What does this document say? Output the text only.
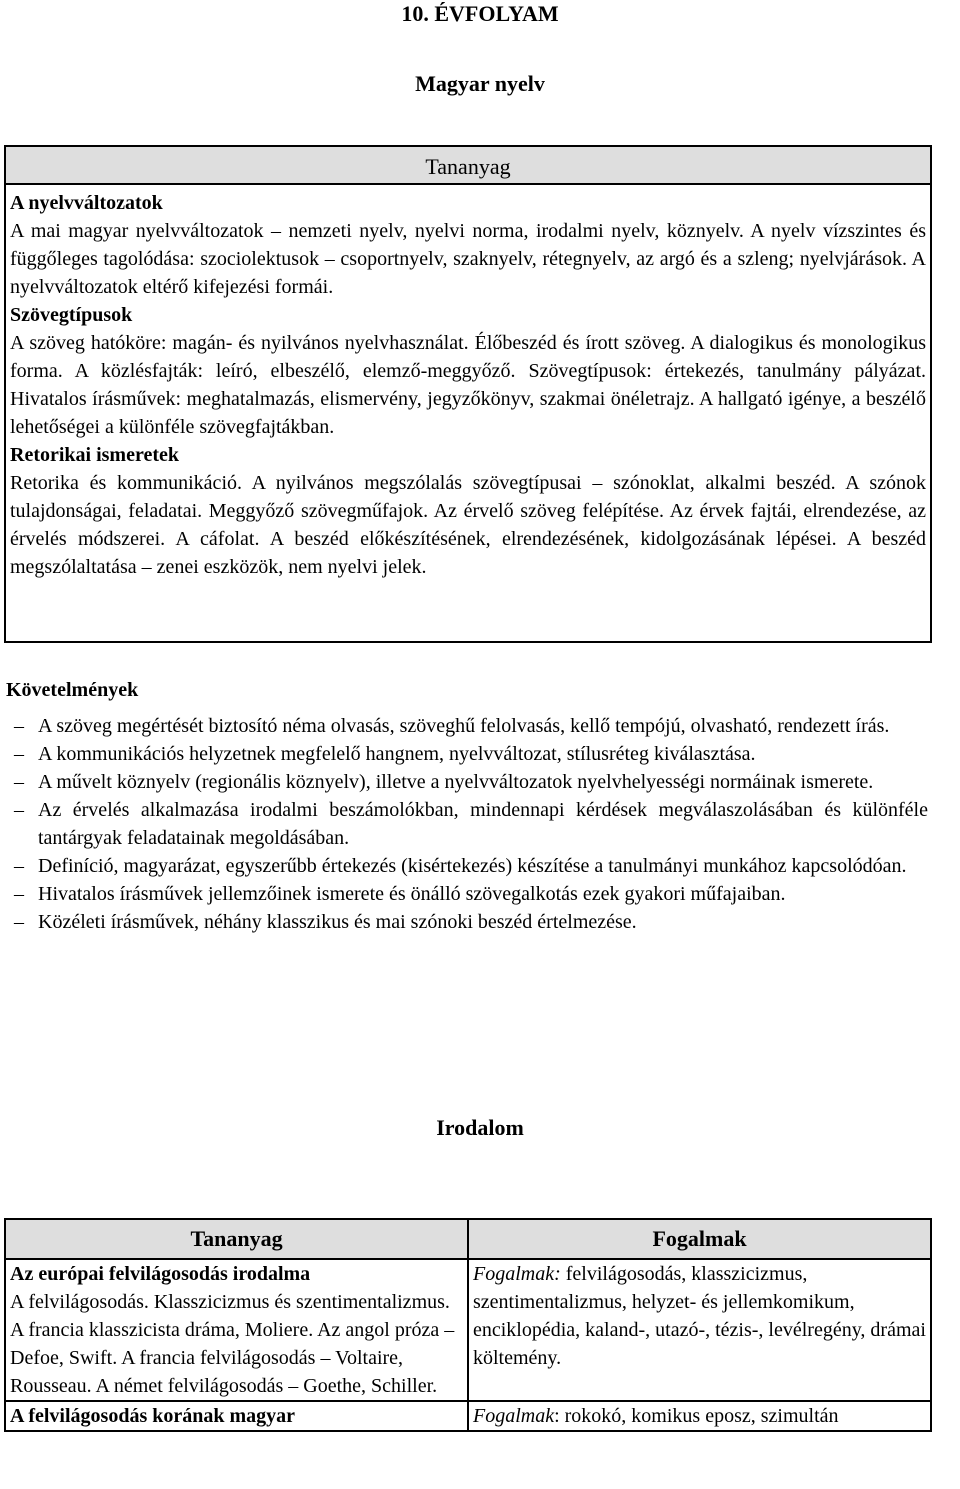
10. ÉVFOLYAM
Magyar nyelv
Tananyag
A nyelvváltozatok

A mai magyar nyelvváltozatok – nemzeti nyelv, nyelvi norma, irodalmi nyelv, köznyelv. A nyelv vízszintes és függőleges tagolódása: szociolektusok – csoportnyelv, szaknyelv, rétegnyelv, az argó és a szleng; nyelvjárások. A nyelvváltozatok eltérő kifejezési formái.

Szövegtípusok

A szöveg hatóköre: magán- és nyilvános nyelvhasználat. Élőbeszéd és írott szöveg. A dialogikus és monologikus forma. A közlésfajták: leíró, elbeszélő, elemző-meggyőző. Szövegtípusok: értekezés, tanulmány pályázat. Hivatalos írásművek: meghatalmazás, elismervény, jegyzőkönyv, szakmai önéletrajz. A hallgató igénye, a beszélő lehetőségei a különféle szövegfajtákban.

Retorikai ismeretek

Retorika és kommunikáció. A nyilvános megszólalás szövegtípusai – szónoklat, alkalmi beszéd. A szónok tulajdonságai, feladatai. Meggyőző szövegműfajok. Az érvelő szöveg felépítése. Az érvek fajtái, elrendezése, az érvelés módszerei. A cáfolat. A beszéd előkészítésének, elrendezésének, kidolgozásának lépései. A beszéd megszólaltatása – zenei eszközök, nem nyelvi jelek.

Követelmények
– A szöveg megértését biztosító néma olvasás, szöveghű felolvasás, kellő tempójú, olvasható, rendezett írás.
– A kommunikációs helyzetnek megfelelő hangnem, nyelvváltozat, stílusréteg kiválasztása.
– A művelt köznyelv (regionális köznyelv), illetve a nyelvváltozatok nyelvhelyességi normáinak ismerete.
– Az érvelés alkalmazása irodalmi beszámolókban, mindennapi kérdések megválaszolásában és különféle tantárgyak feladatainak megoldásában.
– Definíció, magyarázat, egyszerűbb értekezés (kisértekezés) készítése a tanulmányi munkához kapcsolódóan.
– Hivatalos írásművek jellemzőinek ismerete és önálló szövegalkotás ezek gyakori műfajaiban.
– Közéleti írásművek, néhány klasszikus és mai szónoki beszéd értelmezése.
Irodalom
Tananyag	Fogalmak

Az európai felvilágosodás irodalma
A felvilágosodás. Klasszicizmus és szentimentalizmus. A francia klasszicista dráma, Moliere. Az angol próza – Defoe, Swift. A francia felvilágosodás – Voltaire, Rousseau. A német felvilágosodás – Goethe, Schiller.	Fogalmak: felvilágosodás, klasszicizmus, szentimentalizmus, helyzet- és jellemkomikum, enciklopédia, kaland-, utazó-, tézis-, levélregény, drámai költemény.

A felvilágosodás korának magyar	Fogalmak: rokokó, komikus eposz, szimultán
